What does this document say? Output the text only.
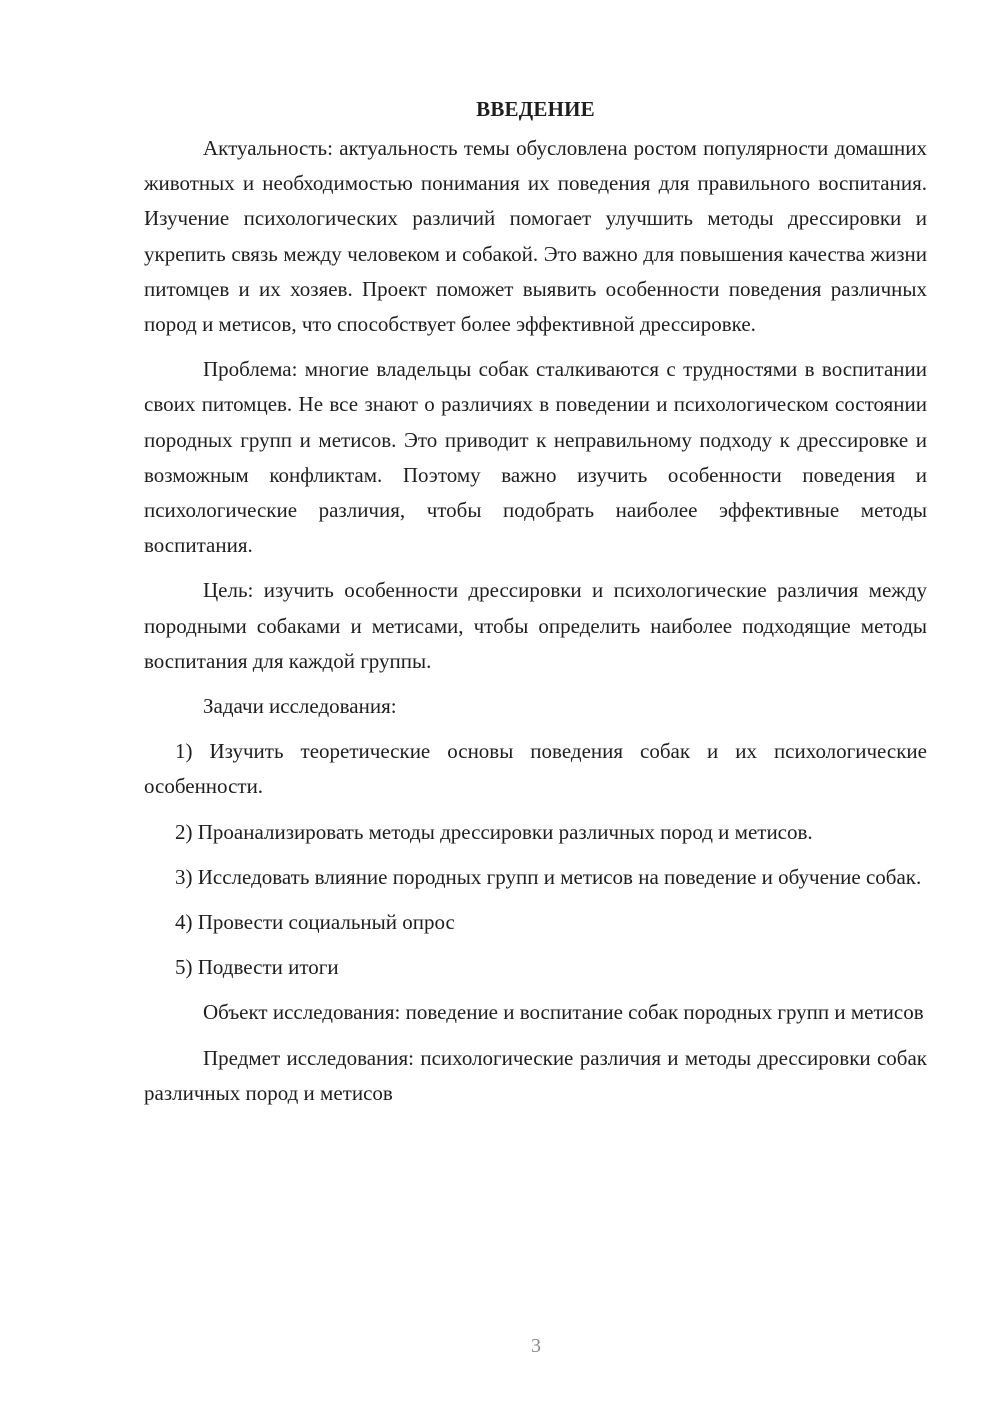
ВВЕДЕНИЕ

Актуальность: актуальность темы обусловлена ростом популярности домашних животных и необходимостью понимания их поведения для правильного воспитания. Изучение психологических различий помогает улучшить методы дрессировки и укрепить связь между человеком и собакой. Это важно для повышения качества жизни питомцев и их хозяев. Проект поможет выявить особенности поведения различных пород и метисов, что способствует более эффективной дрессировке.

Проблема: многие владельцы собак сталкиваются с трудностями в воспитании своих питомцев. Не все знают о различиях в поведении и психологическом состоянии породных групп и метисов. Это приводит к неправильному подходу к дрессировке и возможным конфликтам. Поэтому важно изучить особенности поведения и психологические различия, чтобы подобрать наиболее эффективные методы воспитания.

Цель: изучить особенности дрессировки и психологические различия между породными собаками и метисами, чтобы определить наиболее подходящие методы воспитания для каждой группы.

Задачи исследования:

1) Изучить теоретические основы поведения собак и их психологические особенности.

2) Проанализировать методы дрессировки различных пород и метисов.

3) Исследовать влияние породных групп и метисов на поведение и обучение собак.

4) Провести социальный опрос

5) Подвести итоги

Объект исследования: поведение и воспитание собак породных групп и метисов

Предмет исследования: психологические различия и методы дрессировки собак различных пород и метисов

3
